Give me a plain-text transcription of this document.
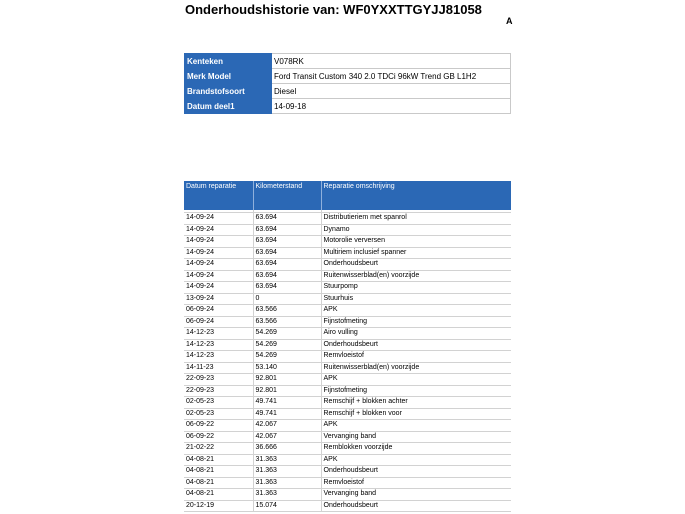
Onderhoudshistorie van: WF0YXXTTGYJJ81058
A
Kenteken	V078RK
Merk Model	Ford Transit Custom 340 2.0 TDCi 96kW Trend GB L1H2
Brandstofsoort	Diesel
Datum deel1	14-09-18
Datum reparatie	Kilometerstand	Reparatie omschrijving

14-09-24	63.694	Distributieriem met spanrol
14-09-24	63.694	Dynamo
14-09-24	63.694	Motorolie verversen
14-09-24	63.694	Multiriem inclusief spanner
14-09-24	63.694	Onderhoudsbeurt
14-09-24	63.694	Ruitenwisserblad(en) voorzijde
14-09-24	63.694	Stuurpomp
13-09-24	0	Stuurhuis
06-09-24	63.566	APK
06-09-24	63.566	Fijnstofmeting
14-12-23	54.269	Airo vulling
14-12-23	54.269	Onderhoudsbeurt
14-12-23	54.269	Remvloeistof
14-11-23	53.140	Ruitenwisserblad(en) voorzijde
22-09-23	92.801	APK
22-09-23	92.801	Fijnstofmeting
02-05-23	49.741	Remschijf + blokken achter
02-05-23	49.741	Remschijf + blokken voor
06-09-22	42.067	APK
06-09-22	42.067	Vervanging band
21-02-22	36.666	Remblokken voorzijde
04-08-21	31.363	APK
04-08-21	31.363	Onderhoudsbeurt
04-08-21	31.363	Remvloeistof
04-08-21	31.363	Vervanging band
20-12-19	15.074	Onderhoudsbeurt
